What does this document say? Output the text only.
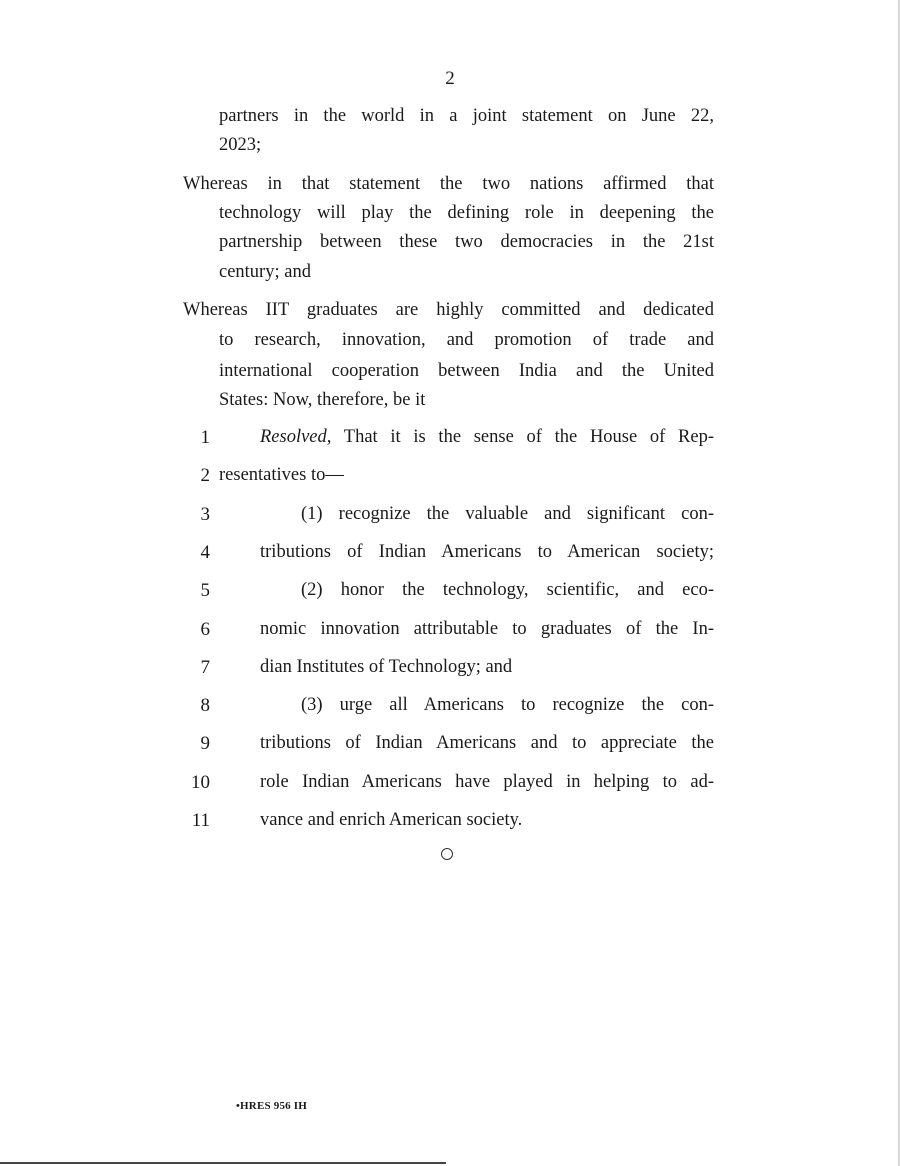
2
partners in the world in a joint statement on June 22,
2023;
Whereas in that statement the two nations affirmed that
technology will play the defining role in deepening the
partnership between these two democracies in the 21st
century; and
Whereas IIT graduates are highly committed and dedicated
to research, innovation, and promotion of trade and
international cooperation between India and the United
States: Now, therefore, be it
1	Resolved, That it is the sense of the House of Rep-
2 resentatives to—
3	(1) recognize the valuable and significant con-
4	tributions of Indian Americans to American society;
5	(2) honor the technology, scientific, and eco-
6	nomic innovation attributable to graduates of the In-
7	dian Institutes of Technology; and
8	(3) urge all Americans to recognize the con-
9	tributions of Indian Americans and to appreciate the
10	role Indian Americans have played in helping to ad-
11	vance and enrich American society.
•HRES 956 IH
